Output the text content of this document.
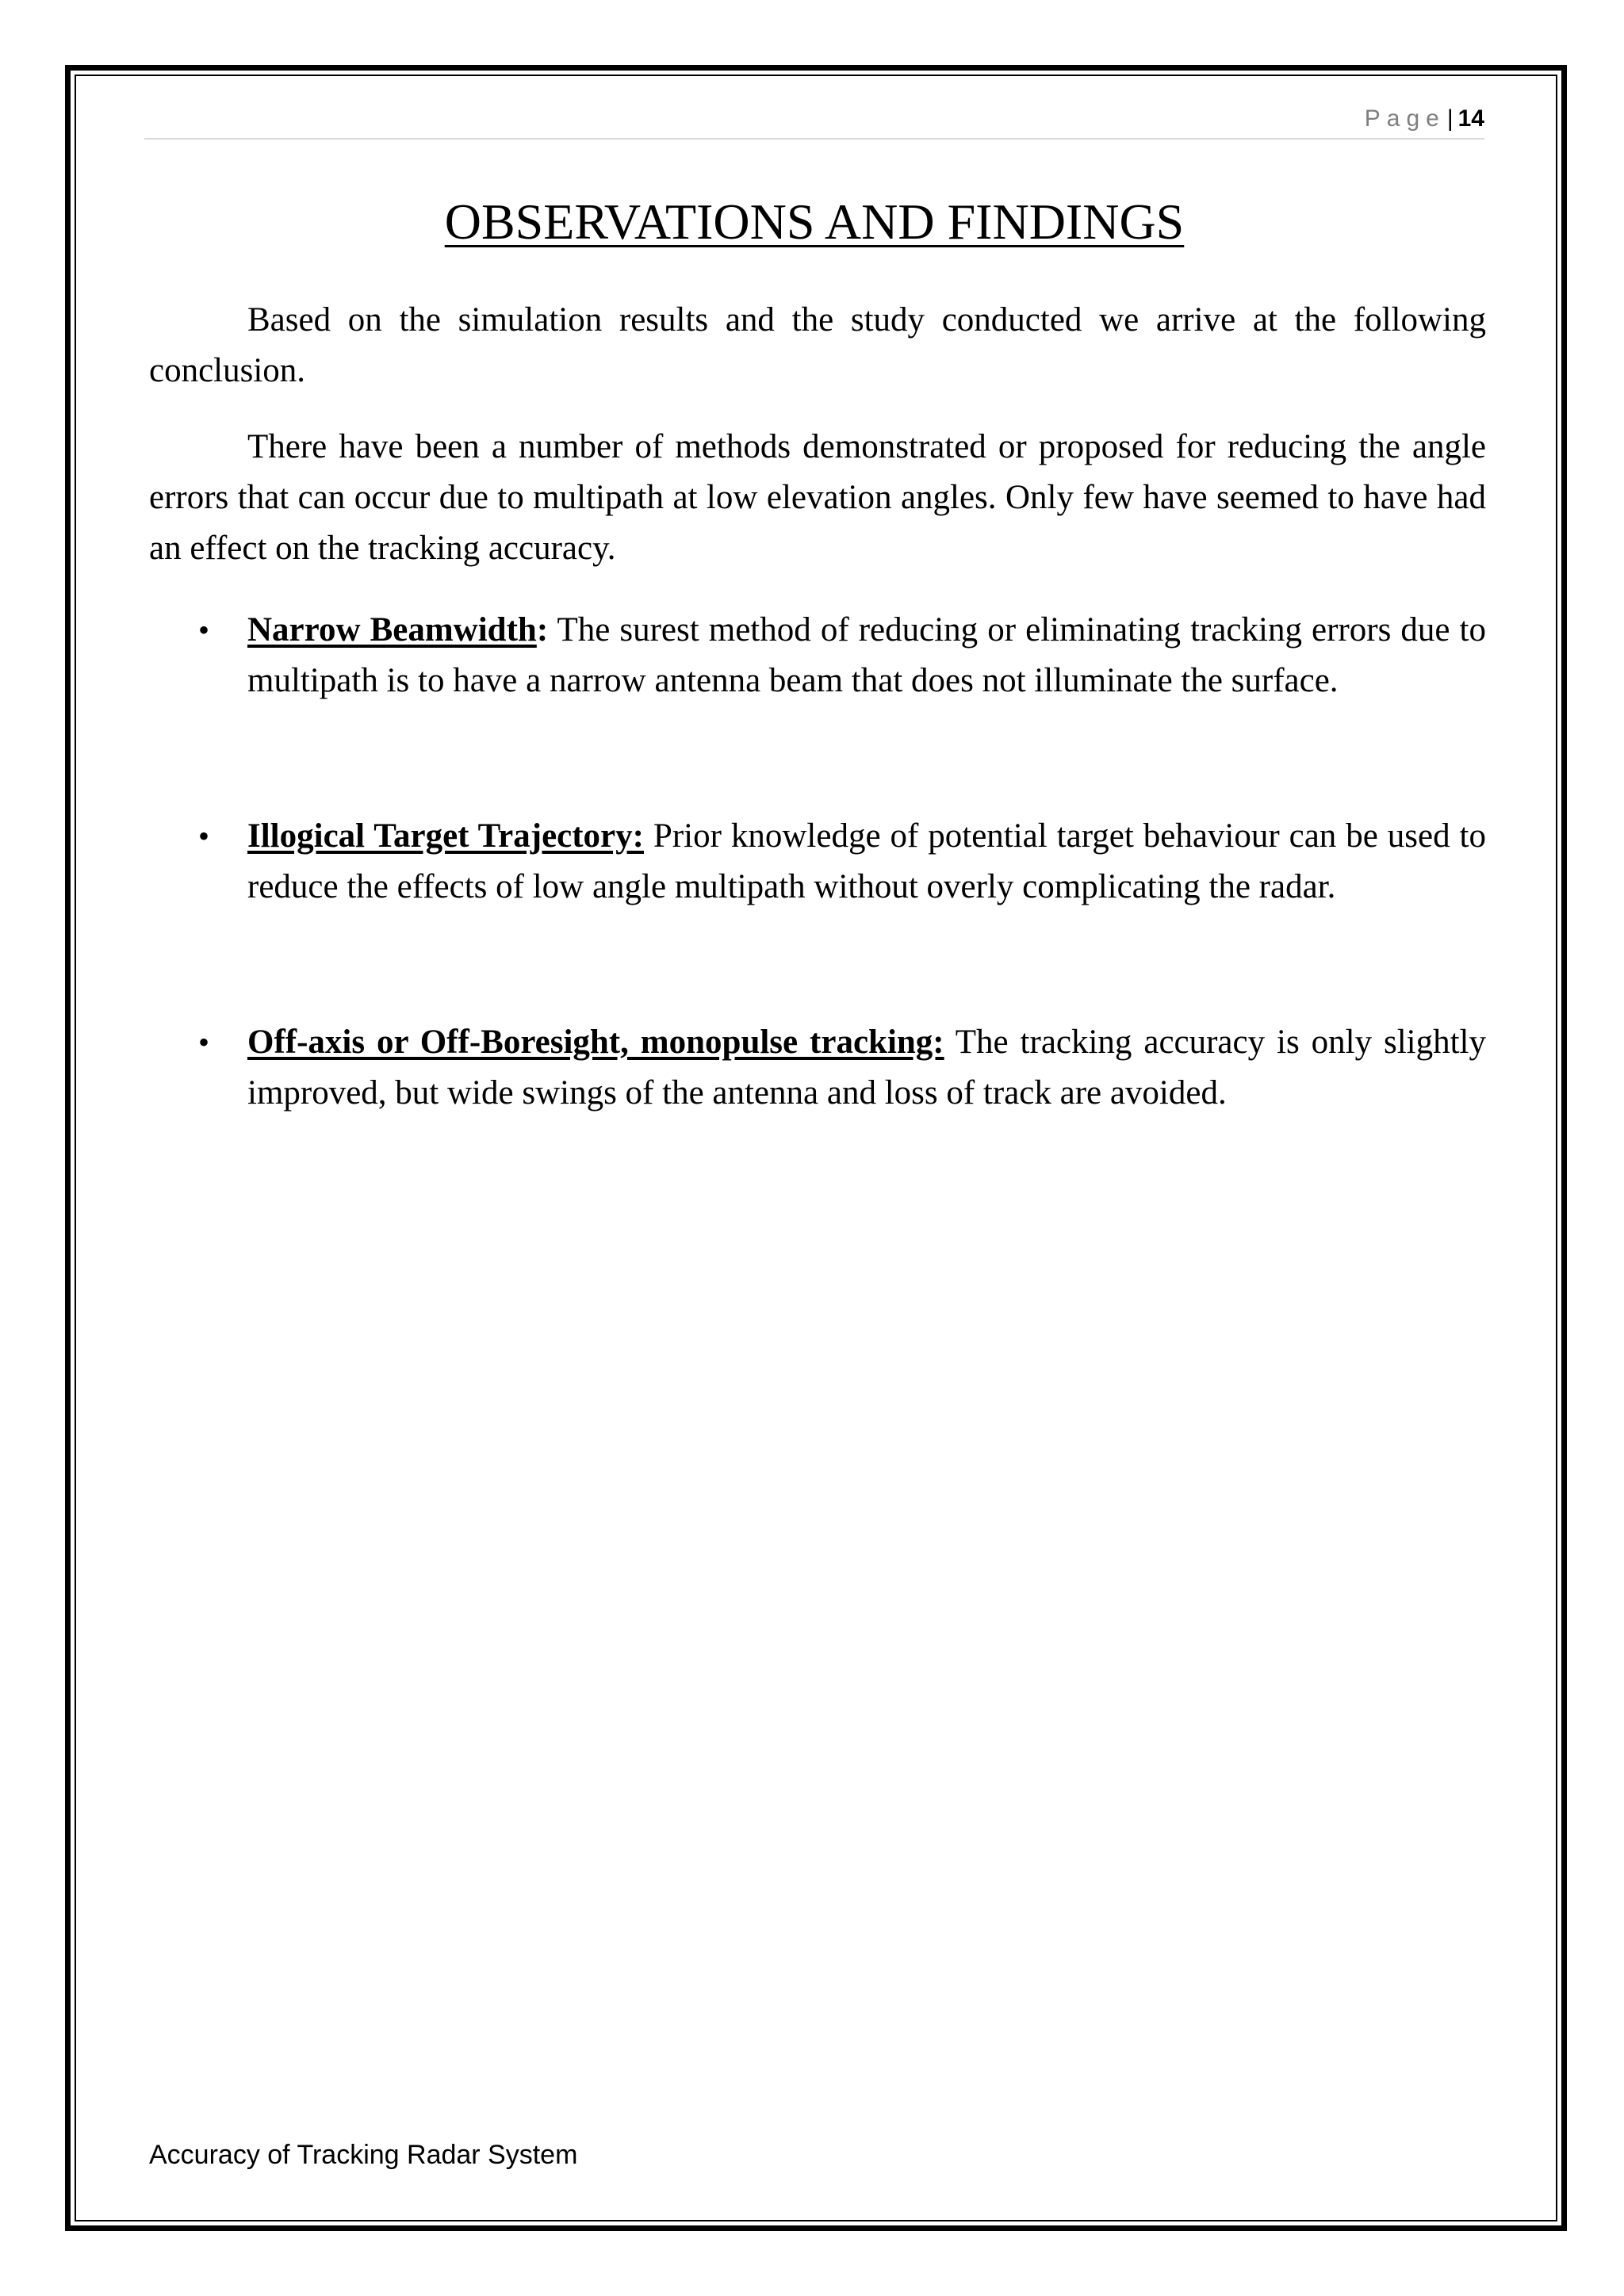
Page| 14
OBSERVATIONS AND FINDINGS

Based on the simulation results and the study conducted we arrive at the following conclusion.

There have been a number of methods demonstrated or proposed for reducing the angle errors that can occur due to multipath at low elevation angles. Only few have seemed to have had an effect on the tracking accuracy.

• Narrow Beamwidth: The surest method of reducing or eliminating tracking errors due to multipath is to have a narrow antenna beam that does not illuminate the surface.
• Illogical Target Trajectory: Prior knowledge of potential target behaviour can be used to reduce the effects of low angle multipath without overly complicating the radar.
• Off-axis or Off-Boresight, monopulse tracking: The tracking accuracy is only slightly improved, but wide swings of the antenna and loss of track are avoided.
Accuracy of Tracking Radar System
